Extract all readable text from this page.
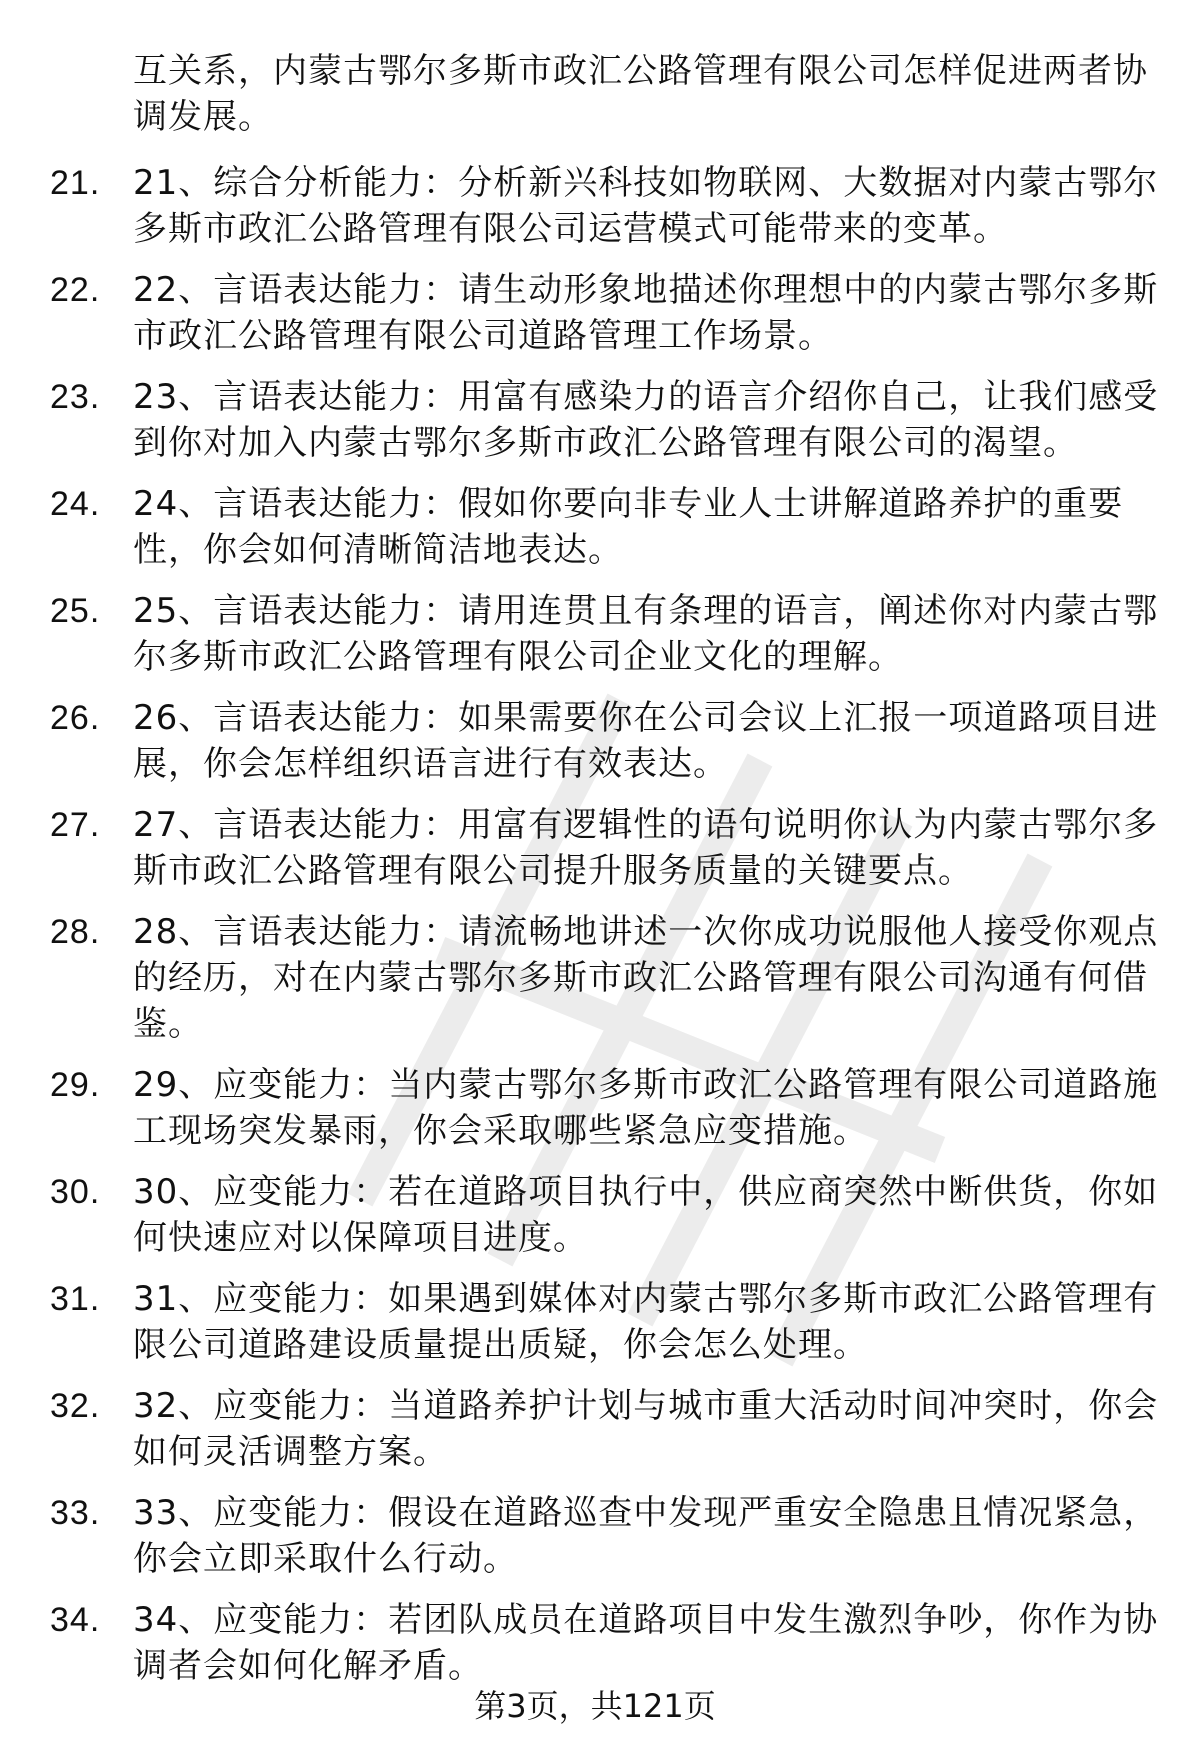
互关系，内蒙古鄂尔多斯市政汇公路管理有限公司怎样促进两者协调发展。
21. 21、综合分析能力：分析新兴科技如物联网、大数据对内蒙古鄂尔多斯市政汇公路管理有限公司运营模式可能带来的变革。
22. 22、言语表达能力：请生动形象地描述你理想中的内蒙古鄂尔多斯市政汇公路管理有限公司道路管理工作场景。
23. 23、言语表达能力：用富有感染力的语言介绍你自己，让我们感受到你对加入内蒙古鄂尔多斯市政汇公路管理有限公司的渴望。
24. 24、言语表达能力：假如你要向非专业人士讲解道路养护的重要性，你会如何清晰简洁地表达。
25. 25、言语表达能力：请用连贯且有条理的语言，阐述你对内蒙古鄂尔多斯市政汇公路管理有限公司企业文化的理解。
26. 26、言语表达能力：如果需要你在公司会议上汇报一项道路项目进展，你会怎样组织语言进行有效表达。
27. 27、言语表达能力：用富有逻辑性的语句说明你认为内蒙古鄂尔多斯市政汇公路管理有限公司提升服务质量的关键要点。
28. 28、言语表达能力：请流畅地讲述一次你成功说服他人接受你观点的经历，对在内蒙古鄂尔多斯市政汇公路管理有限公司沟通有何借鉴。
29. 29、应变能力：当内蒙古鄂尔多斯市政汇公路管理有限公司道路施工现场突发暴雨，你会采取哪些紧急应变措施。
30. 30、应变能力：若在道路项目执行中，供应商突然中断供货，你如何快速应对以保障项目进度。
31. 31、应变能力：如果遇到媒体对内蒙古鄂尔多斯市政汇公路管理有限公司道路建设质量提出质疑，你会怎么处理。
32. 32、应变能力：当道路养护计划与城市重大活动时间冲突时，你会如何灵活调整方案。
33. 33、应变能力：假设在道路巡查中发现严重安全隐患且情况紧急，你会立即采取什么行动。
34. 34、应变能力：若团队成员在道路项目中发生激烈争吵，你作为协调者会如何化解矛盾。
第3页，共121页
